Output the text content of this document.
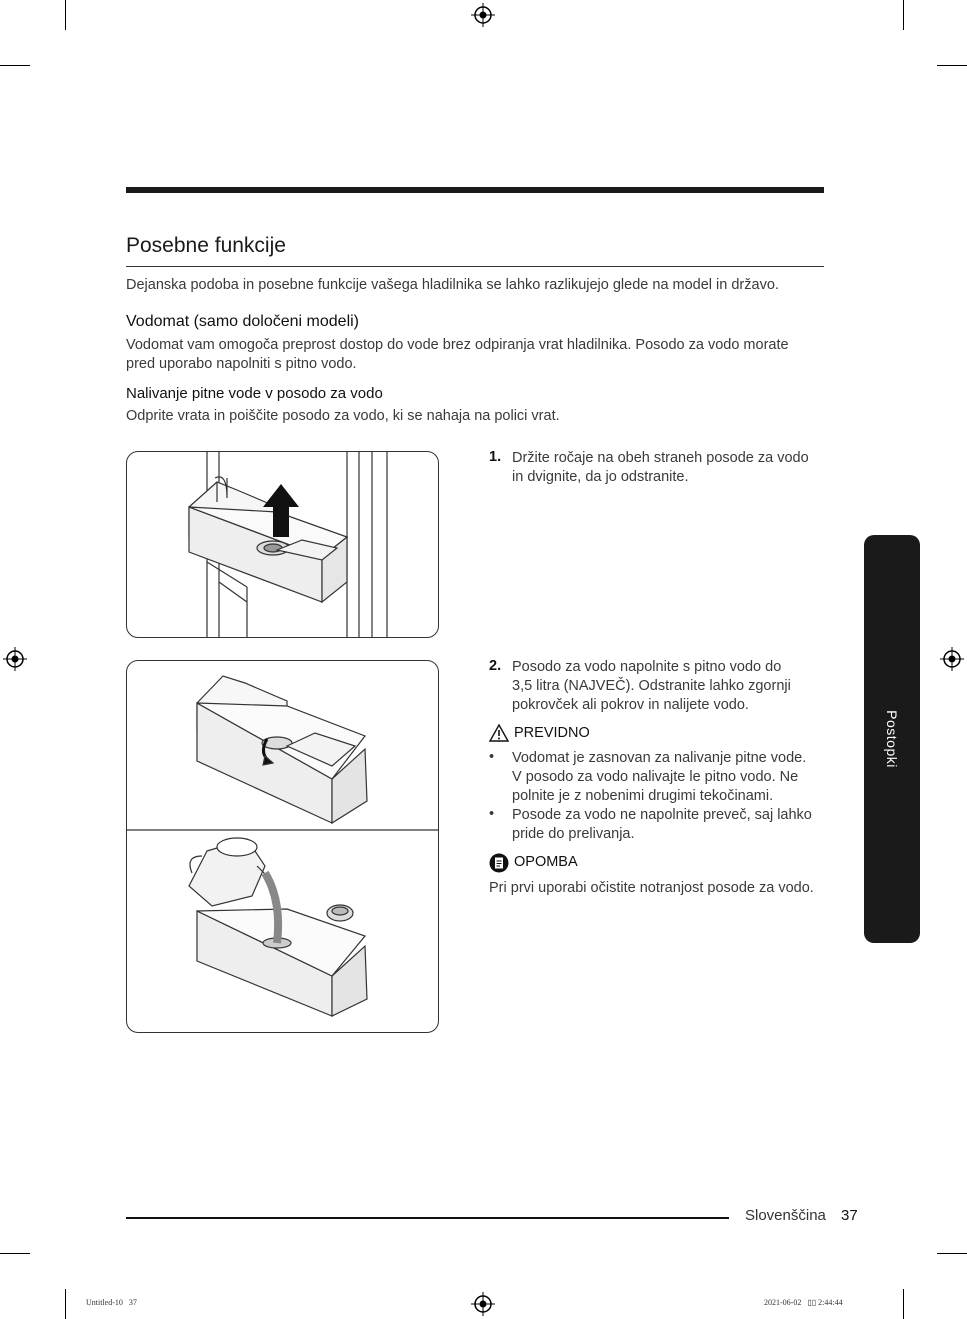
Posebne funkcije
Dejanska podoba in posebne funkcije vašega hladilnika se lahko razlikujejo glede na model in državo.
Vodomat (samo določeni modeli)
Vodomat vam omogoča preprost dostop do vode brez odpiranja vrat hladilnika. Posodo za vodo morate
pred uporabo napolniti s pitno vodo.
Nalivanje pitne vode v posodo za vodo
Odprite vrata in poiščite posodo za vodo, ki se nahaja na polici vrat.
1. Držite ročaje na obeh straneh posode za vodo
in dvignite, da jo odstranite.
2. Posodo za vodo napolnite s pitno vodo do
3,5 litra (NAJVEČ). Odstranite lahko zgornji
pokrovček ali pokrov in nalijete vodo.
PREVIDNO
• Vodomat je zasnovan za nalivanje pitne vode.
V posodo za vodo nalivajte le pitno vodo. Ne
polnite je z nobenimi drugimi tekočinami.
• Posode za vodo ne napolnite preveč, saj lahko
pride do prelivanja.
OPOMBA
Pri prvi uporabi očistite notranjost posode za vodo.
Postopki
Slovenščina 37
Untitled-10   37	2021-06-02   ▯▯ 2:44:44
